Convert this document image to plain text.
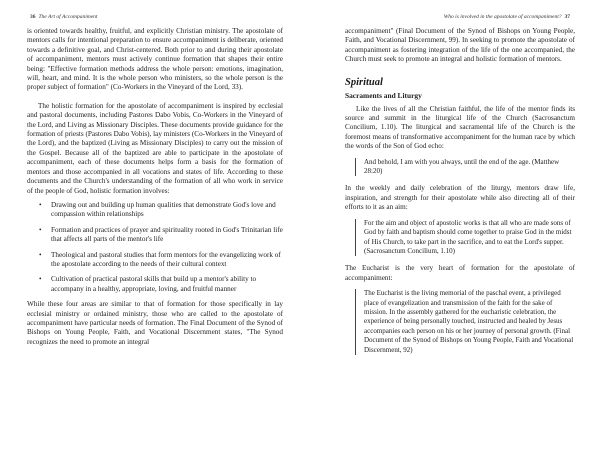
36 The Art of Accompaniment

is oriented towards healthy, fruitful, and explicitly Christian ministry. The apostolate of mentors calls for intentional preparation to ensure accompaniment is deliberate, oriented towards a definitive goal, and Christ-centered. Both prior to and during their apostolate of accompaniment, mentors must actively continue formation that shapes their entire being: "Effective formation methods address the whole person: emotions, imagination, will, heart, and mind. It is the whole person who ministers, so the whole person is the proper subject of formation" (Co-Workers in the Vineyard of the Lord, 33).

The holistic formation for the apostolate of accompaniment is inspired by ecclesial and pastoral documents, including Pastores Dabo Vobis, Co-Workers in the Vineyard of the Lord, and Living as Missionary Disciples. These documents provide guidance for the formation of priests (Pastores Dabo Vobis), lay ministers (Co-Workers in the Vineyard of the Lord), and the baptized (Living as Missionary Disciples) to carry out the mission of the Gospel. Because all of the baptized are able to participate in the apostolate of accompaniment, each of these documents helps form a basis for the formation of mentors and those accompanied in all vocations and states of life. According to these documents and the Church's understanding of the formation of all who work in service of the people of God, holistic formation involves:

• Drawing out and building up human qualities that demonstrate God's love and compassion within relationships
• Formation and practices of prayer and spirituality rooted in God's Trinitarian life that affects all parts of the mentor's life
• Theological and pastoral studies that form mentors for the evangelizing work of the apostolate according to the needs of their cultural context
• Cultivation of practical pastoral skills that build up a mentor's ability to accompany in a healthy, appropriate, loving, and fruitful manner

While these four areas are similar to that of formation for those specifically in lay ecclesial ministry or ordained ministry, those who are called to the apostolate of accompaniment have particular needs of formation. The Final Document of the Synod of Bishops on Young People, Faith, and Vocational Discernment states, "The Synod recognizes the need to promote an integral

Who is involved in the apostolate of accompaniment? 37

accompaniment" (Final Document of the Synod of Bishops on Young People, Faith, and Vocational Discernment, 99). In seeking to promote the apostolate of accompaniment as fostering integration of the life of the one accompanied, the Church must seek to promote an integral and holistic formation of mentors.

Spiritual
Sacraments and Liturgy

Like the lives of all the Christian faithful, the life of the mentor finds its source and summit in the liturgical life of the Church (Sacrosanctum Concilium, 1.10). The liturgical and sacramental life of the Church is the foremost means of transformative accompaniment for the human race by which the words of the Son of God echo:

And behold, I am with you always, until the end of the age. (Matthew 28:20)

In the weekly and daily celebration of the liturgy, mentors draw life, inspiration, and strength for their apostolate while also directing all of their efforts to it as an aim:

For the aim and object of apostolic works is that all who are made sons of God by faith and baptism should come together to praise God in the midst of His Church, to take part in the sacrifice, and to eat the Lord's supper. (Sacrosanctum Concilium, 1.10)

The Eucharist is the very heart of formation for the apostolate of accompaniment:

The Eucharist is the living memorial of the paschal event, a privileged place of evangelization and transmission of the faith for the sake of mission. In the assembly gathered for the eucharistic celebration, the experience of being personally touched, instructed and healed by Jesus accompanies each person on his or her journey of personal growth. (Final Document of the Synod of Bishops on Young People, Faith and Vocational Discernment, 92)
